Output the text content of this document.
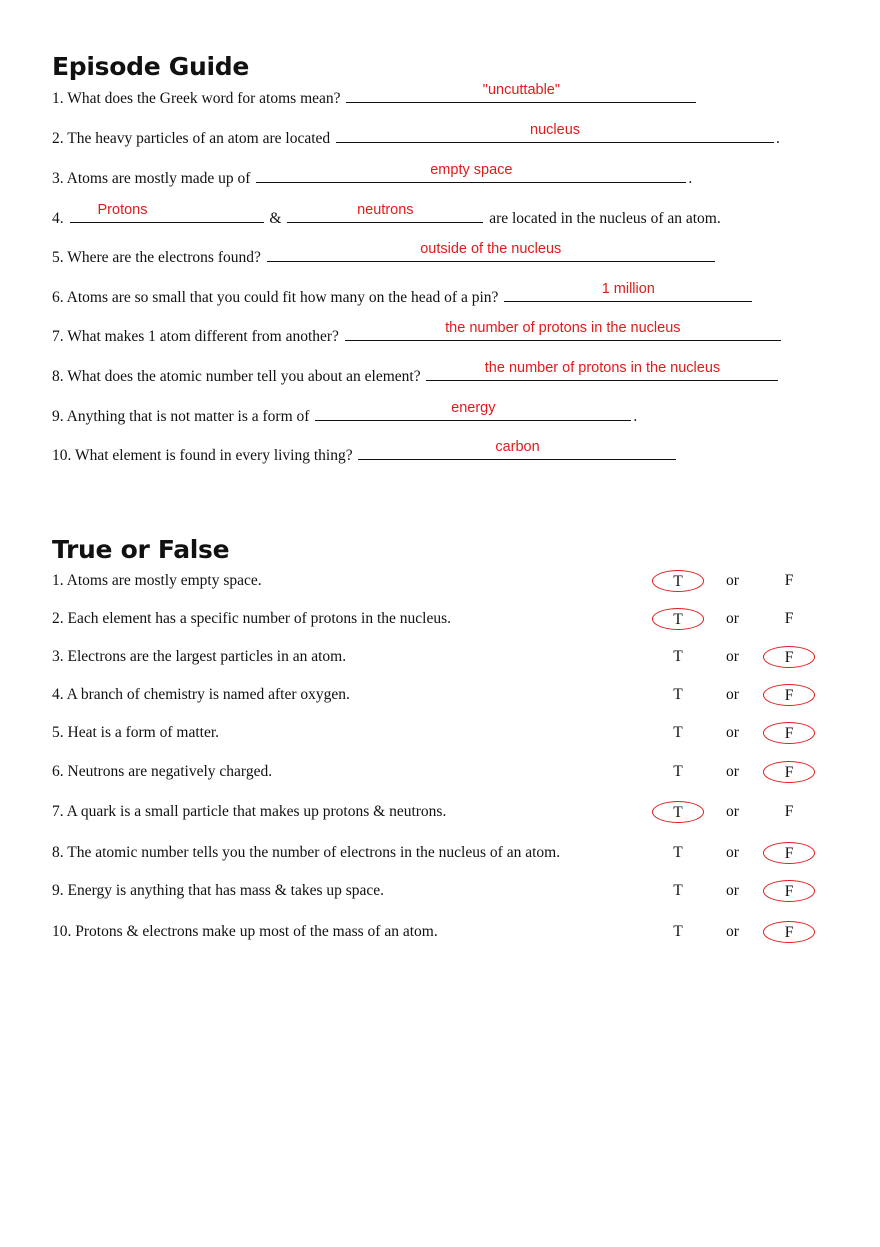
Episode Guide
1. What does the Greek word for atoms mean?	"uncuttable"
2. The heavy particles of an atom are located	nucleus	.
3. Atoms are mostly made up of	empty space	.
4.	Protons	&	neutrons	are located in the nucleus of an atom.
5. Where are the electrons found?	outside of the nucleus
6. Atoms are so small that you could fit how many on the head of a pin?	1 million
7. What makes 1 atom different from another?	the number of protons in the nucleus
8. What does the atomic number tell you about an element?	the number of protons in the nucleus
9. Anything that is not matter is a form of	energy	.
10. What element is found in every living thing?	carbon
True or False
1. Atoms are mostly empty space.	T	or	F
2. Each element has a specific number of protons in the nucleus.	T	or	F
3. Electrons are the largest particles in an atom.	T	or	F
4. A branch of chemistry is named after oxygen.	T	or	F
5. Heat is a form of matter.	T	or	F
6. Neutrons are negatively charged.	T	or	F
7. A quark is a small particle that makes up protons & neutrons.	T	or	F
8. The atomic number tells you the number of electrons in the nucleus of an atom.	T	or	F
9. Energy is anything that has mass & takes up space.	T	or	F
10. Protons & electrons make up most of the mass of an atom.	T	or	F
